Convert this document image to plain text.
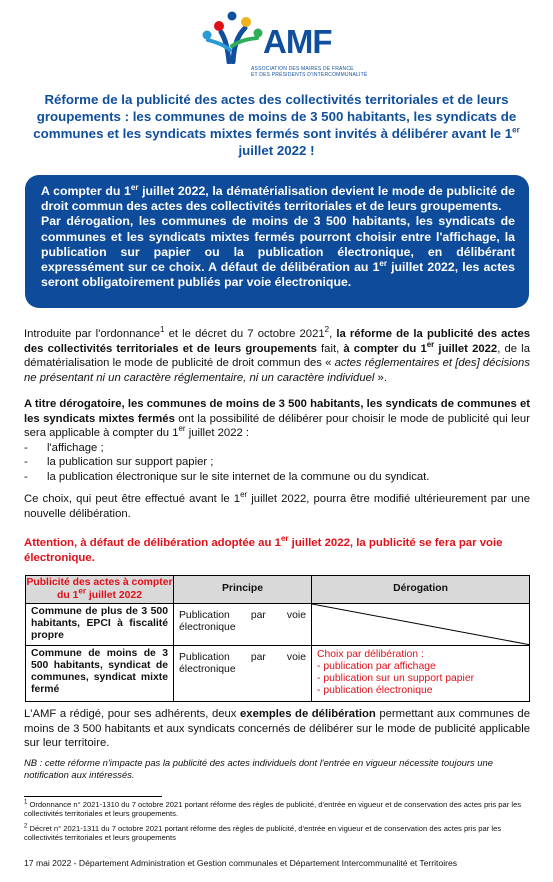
AMF
ASSOCIATION DES MAIRES DE FRANCE
ET DES PRÉSIDENTS D'INTERCOMMUNALITÉ
Réforme de la publicité des actes des collectivités territoriales et de leurs groupements : les communes de moins de 3 500 habitants, les syndicats de communes et les syndicats mixtes fermés sont invités à délibérer avant le 1er juillet 2022 !
A compter du 1er juillet 2022, la dématérialisation devient le mode de publicité de droit commun des actes des collectivités territoriales et de leurs groupements.
Par dérogation, les communes de moins de 3 500 habitants, les syndicats de communes et les syndicats mixtes fermés pourront choisir entre l'affichage, la publication sur papier ou la publication électronique, en délibérant expressément sur ce choix. A défaut de délibération au 1er juillet 2022, les actes seront obligatoirement publiés par voie électronique.
Introduite par l'ordonnance$^1$ et le décret du 7 octobre 2021$^2$, la réforme de la publicité des actes des collectivités territoriales et de leurs groupements fait, à compter du 1er juillet 2022, de la dématérialisation le mode de publicité de droit commun des « actes réglementaires et [des] décisions ne présentant ni un caractère réglementaire, ni un caractère individuel ».
A titre dérogatoire, les communes de moins de 3 500 habitants, les syndicats de communes et les syndicats mixtes fermés ont la possibilité de délibérer pour choisir le mode de publicité qui leur sera applicable à compter du 1er juillet 2022 :
- l'affichage ;
- la publication sur support papier ;
- la publication électronique sur le site internet de la commune ou du syndicat.
Ce choix, qui peut être effectué avant le 1er juillet 2022, pourra être modifié ultérieurement par une nouvelle délibération.
Attention, à défaut de délibération adoptée au 1er juillet 2022, la publicité se fera par voie électronique.
Publicité des actes à compter du 1er juillet 2022	Principe	Dérogation
Commune de plus de 3 500 habitants, EPCI à fiscalité propre	Publication par voie électronique	

Commune de moins de 3 500 habitants, syndicat de communes, syndicat mixte fermé	Publication par voie électronique	Choix par délibération :
- publication par affichage
- publication sur un support papier
- publication électronique
L'AMF a rédigé, pour ses adhérents, deux exemples de délibération permettant aux communes de moins de 3 500 habitants et aux syndicats concernés de délibérer sur le mode de publicité applicable sur leur territoire.
NB : cette réforme n'impacte pas la publicité des actes individuels dont l'entrée en vigueur nécessite toujours une notification aux intéressés.
$^1$ Ordonnance n° 2021-1310 du 7 octobre 2021 portant réforme des règles de publicité, d'entrée en vigueur et de conservation des actes pris par les collectivités territoriales et leurs groupements.
$^2$ Décret n° 2021-1311 du 7 octobre 2021 portant réforme des règles de publicité, d'entrée en vigueur et de conservation des actes pris par les collectivités territoriales et leurs groupements
17 mai 2022 - Département Administration et Gestion communales et Département Intercommunalité et Territoires
